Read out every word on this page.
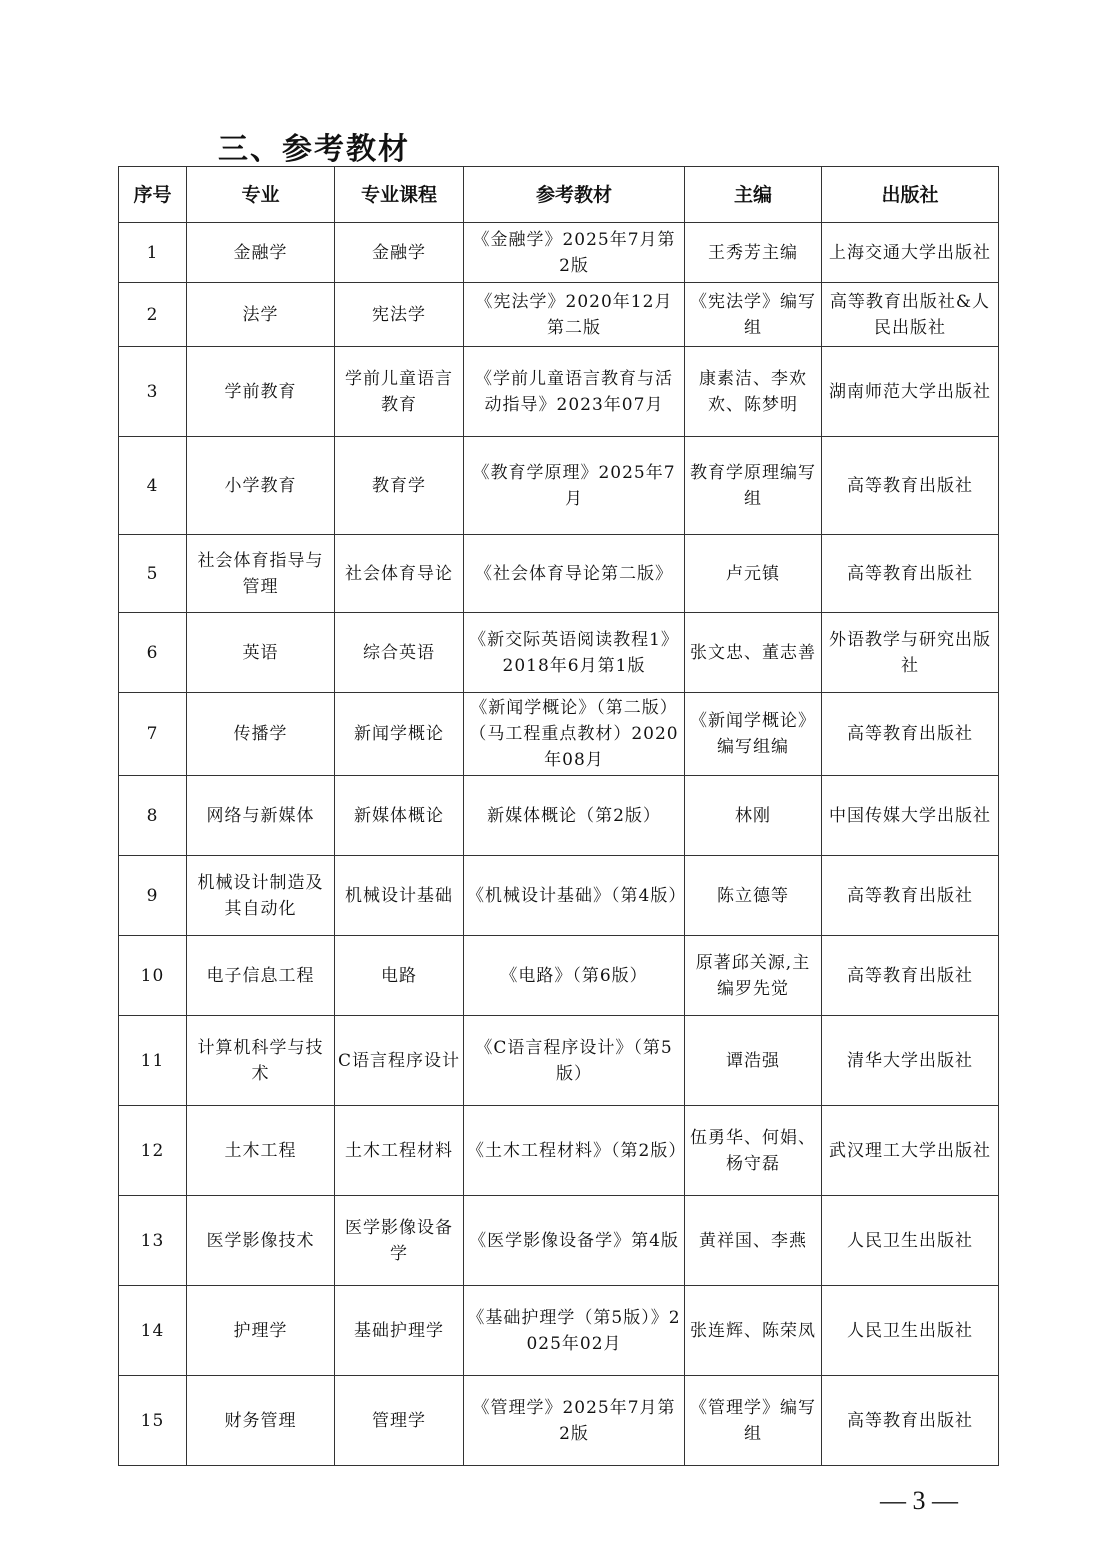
三、参考教材
序号	专业	专业课程	参考教材	主编	出版社
1	金融学	金融学	《金融学》2025年7月第2版	王秀芳主编	上海交通大学出版社
2	法学	宪法学	《宪法学》2020年12月第二版	《宪法学》编写组	高等教育出版社&人民出版社
3	学前教育	学前儿童语言教育	《学前儿童语言教育与活动指导》2023年07月	康素洁、李欢欢、陈梦明	湖南师范大学出版社
4	小学教育	教育学	《教育学原理》2025年7月	教育学原理编写组	高等教育出版社
5	社会体育指导与管理	社会体育导论	《社会体育导论第二版》	卢元镇	高等教育出版社
6	英语	综合英语	《新交际英语阅读教程1》2018年6月第1版	张文忠、董志善	外语教学与研究出版社
7	传播学	新闻学概论	《新闻学概论》（第二版）（马工程重点教材）2020年08月	《新闻学概论》编写组编	高等教育出版社
8	网络与新媒体	新媒体概论	新媒体概论（第2版）	林刚	中国传媒大学出版社
9	机械设计制造及其自动化	机械设计基础	《机械设计基础》（第4版）	陈立德等	高等教育出版社
10	电子信息工程	电路	《电路》（第6版）	原著邱关源,主编罗先觉	高等教育出版社
11	计算机科学与技术	C语言程序设计	《C语言程序设计》（第5版）	谭浩强	清华大学出版社
12	土木工程	土木工程材料	《土木工程材料》（第2版）	伍勇华、何娟、杨守磊	武汉理工大学出版社
13	医学影像技术	医学影像设备学	《医学影像设备学》第4版	黄祥国、李燕	人民卫生出版社
14	护理学	基础护理学	《基础护理学（第5版）》2025年02月	张连辉、陈荣凤	人民卫生出版社
15	财务管理	管理学	《管理学》2025年7月第2版	《管理学》编写组	高等教育出版社
— 3 —
